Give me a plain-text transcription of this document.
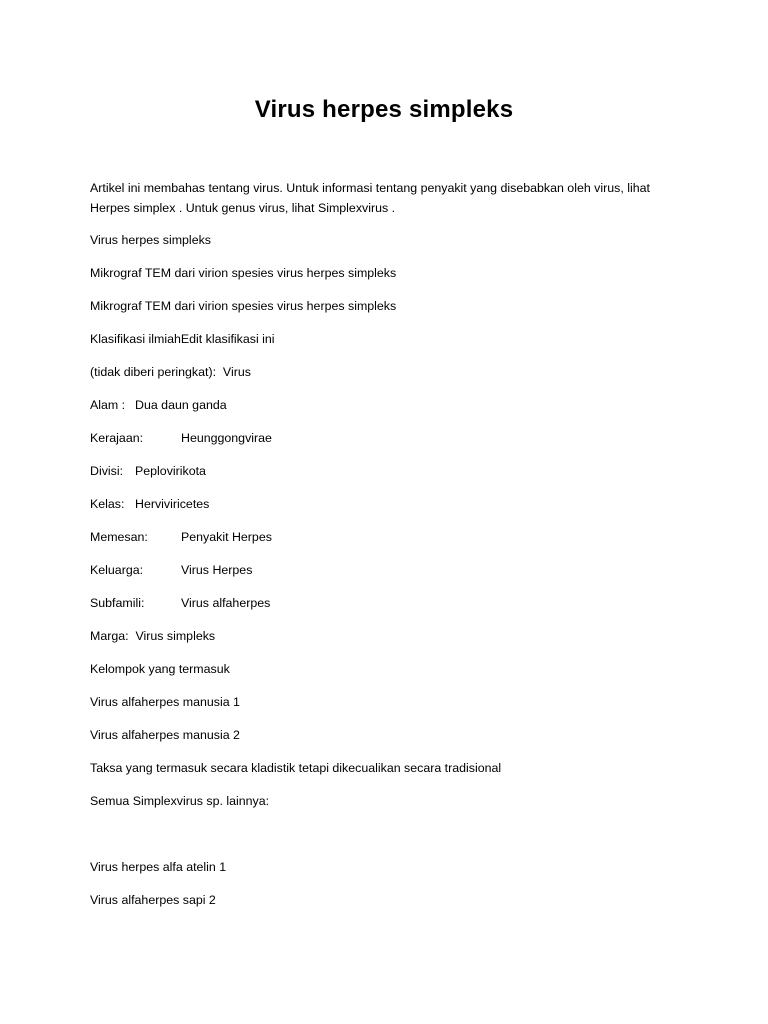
Virus herpes simpleks

Artikel ini membahas tentang virus. Untuk informasi tentang penyakit yang disebabkan oleh virus, lihat Herpes simplex . Untuk genus virus, lihat Simplexvirus .

Virus herpes simpleks

Mikrograf TEM dari virion spesies virus herpes simpleks

Mikrograf TEM dari virion spesies virus herpes simpleks

Klasifikasi ilmiahEdit klasifikasi ini

(tidak diberi peringkat): Virus

Alam : Dua daun ganda

Kerajaan:	Heunggongvirae

Divisi: Peplovirikota

Kelas: Herviviricetes

Memesan:	Penyakit Herpes

Keluarga:	Virus Herpes

Subfamili:	Virus alfaherpes

Marga: Virus simpleks

Kelompok yang termasuk

Virus alfaherpes manusia 1

Virus alfaherpes manusia 2

Taksa yang termasuk secara kladistik tetapi dikecualikan secara tradisional

Semua Simplexvirus sp. lainnya:

Virus herpes alfa atelin 1

Virus alfaherpes sapi 2
